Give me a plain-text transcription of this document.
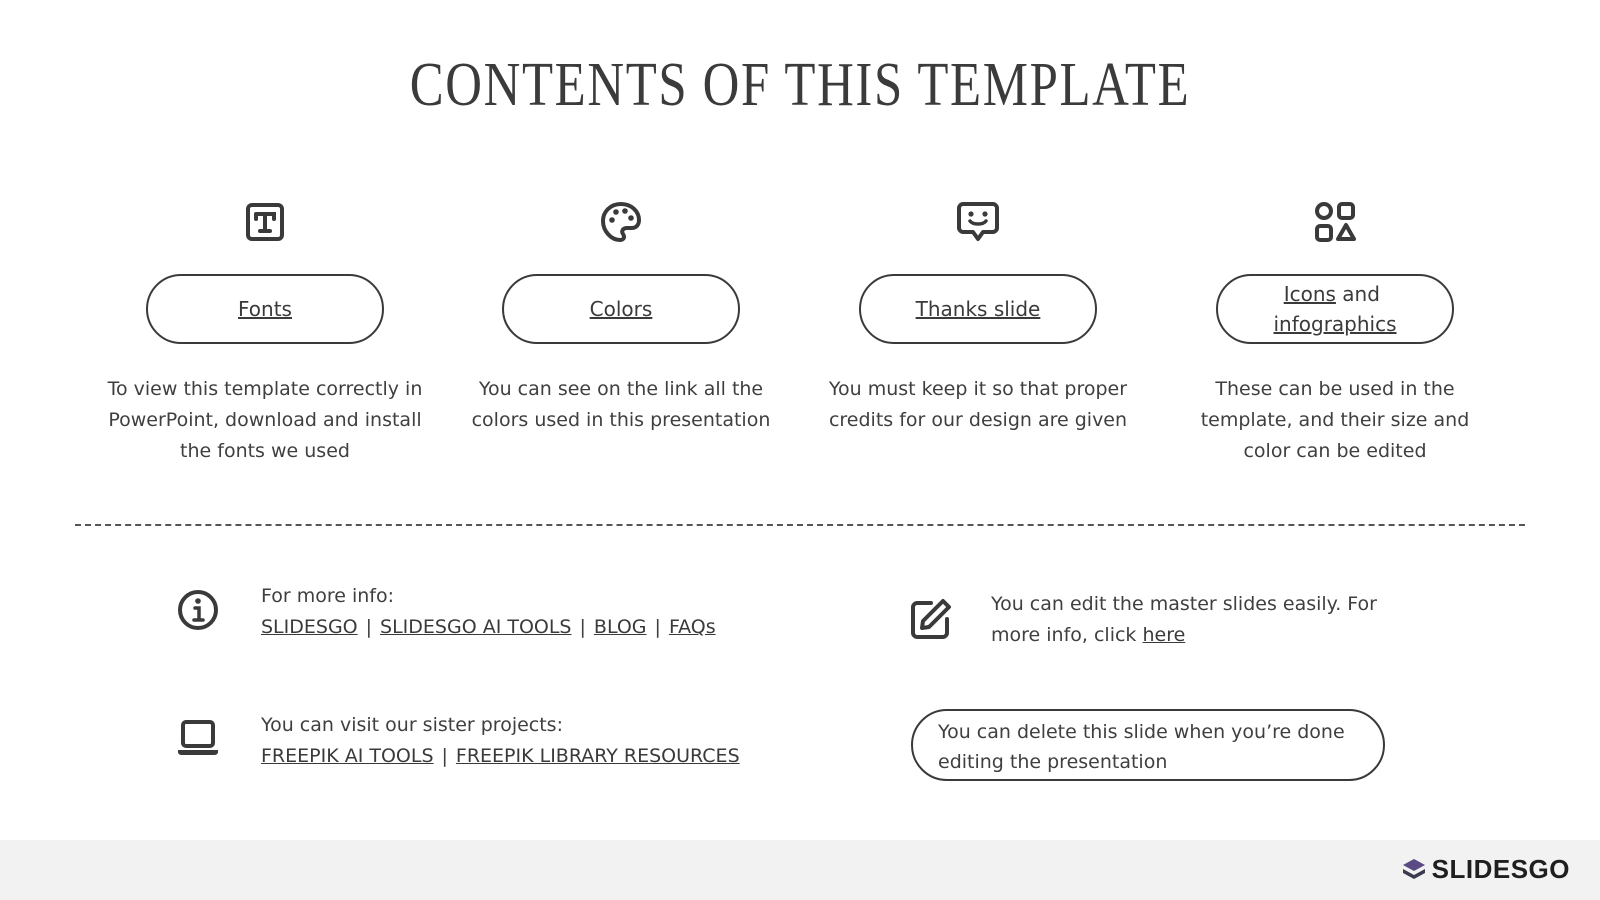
CONTENTS OF THIS TEMPLATE
Fonts
To view this template correctly in PowerPoint, download and install the fonts we used
Colors
You can see on the link all the colors used in this presentation
Thanks slide
You must keep it so that proper credits for our design are given
Icons and
infographics
These can be used in the template, and their size and color can be edited
For more info:
SLIDESGO | SLIDESGO AI TOOLS | BLOG | FAQs
You can visit our sister projects:
FREEPIK AI TOOLS | FREEPIK LIBRARY RESOURCES
You can edit the master slides easily. For more info, click here
You can delete this slide when you’re done editing the presentation
SLIDESGO
